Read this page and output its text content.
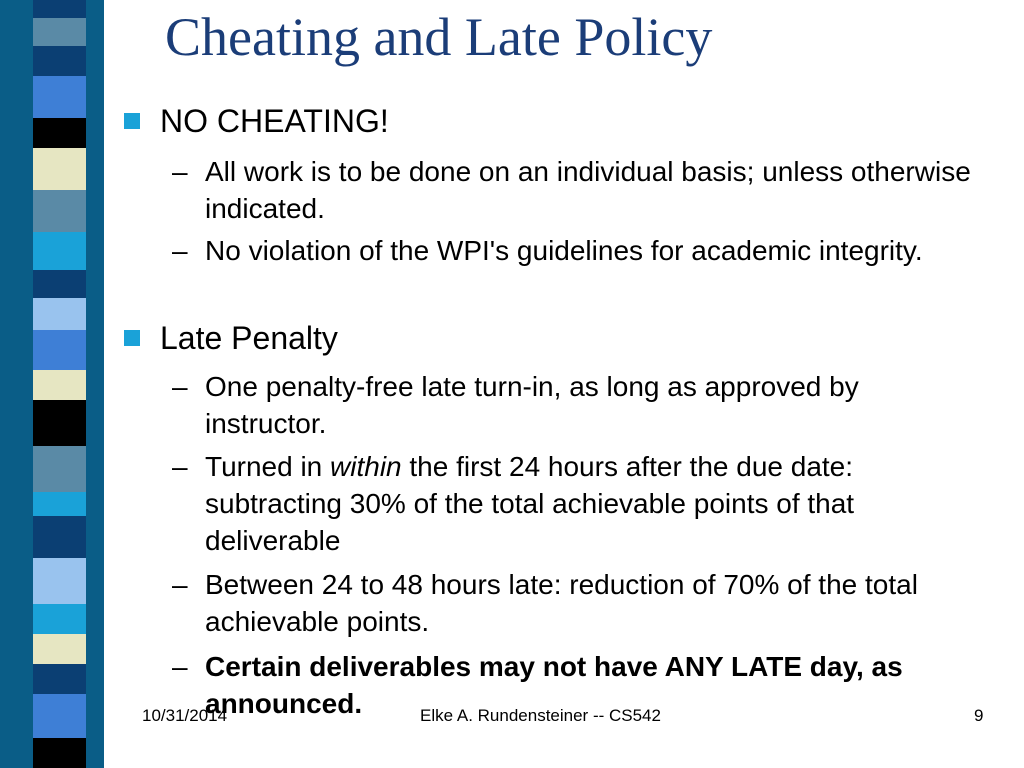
Cheating and Late Policy
NO CHEATING!
– All work is to be done on an individual basis; unless otherwise indicated.
– No violation of the WPI's guidelines for academic integrity.
Late Penalty
– One penalty-free late turn-in, as long as approved by instructor.
– Turned in within the first 24 hours after the due date: subtracting 30% of the total achievable points of that deliverable
– Between 24 to 48 hours late: reduction of 70% of the total achievable points.
– Certain deliverables may not have ANY LATE day, as announced.
10/31/2014	Elke A. Rundensteiner -- CS542	9
